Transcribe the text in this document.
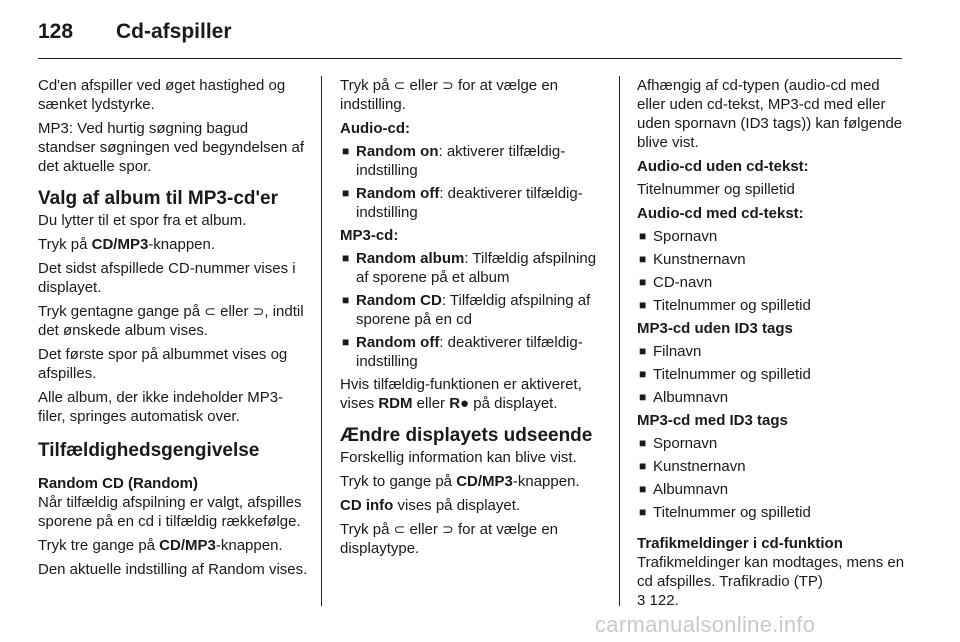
128 Cd-afspiller

Cd'en afspiller ved øget hastighed og sænket lydstyrke.

MP3: Ved hurtig søgning bagud standser søgningen ved begyndelsen af det aktuelle spor.

Valg af album til MP3-cd'er

Du lytter til et spor fra et album.

Tryk på CD/MP3-knappen.

Det sidst afspillede CD-nummer vises i displayet.

Tryk gentagne gange på ⊂ eller ⊃, indtil det ønskede album vises.

Det første spor på albummet vises og afspilles.

Alle album, der ikke indeholder MP3-filer, springes automatisk over.

Tilfældighedsgengivelse
Random CD (Random)

Når tilfældig afspilning er valgt, afspilles sporene på en cd i tilfældig rækkefølge.

Tryk tre gange på CD/MP3-knappen.

Den aktuelle indstilling af Random vises.

Tryk på ⊂ eller ⊃ for at vælge en indstilling.

Audio-cd:
■ Random on: aktiverer tilfældig-indstilling
■ Random off: deaktiverer tilfældig-indstilling
MP3-cd:
■ Random album: Tilfældig afspilning af sporene på et album
■ Random CD: Tilfældig afspilning af sporene på en cd
■ Random off: deaktiverer tilfældig-indstilling

Hvis tilfældig-funktionen er aktiveret, vises RDM eller R● på displayet.

Ændre displayets udseende

Forskellig information kan blive vist.

Tryk to gange på CD/MP3-knappen.

CD info vises på displayet.

Tryk på ⊂ eller ⊃ for at vælge en displaytype.

Afhængig af cd-typen (audio-cd med eller uden cd-tekst, MP3-cd med eller uden spornavn (ID3 tags)) kan følgende blive vist.

Audio-cd uden cd-tekst:

Titelnummer og spilletid

Audio-cd med cd-tekst:
■ Spornavn
■ Kunstnernavn
■ CD-navn
■ Titelnummer og spilletid
MP3-cd uden ID3 tags
■ Filnavn
■ Titelnummer og spilletid
■ Albumnavn
MP3-cd med ID3 tags
■ Spornavn
■ Kunstnernavn
■ Albumnavn
■ Titelnummer og spilletid
Trafikmeldinger i cd-funktion

Trafikmeldinger kan modtages, mens en cd afspilles. Trafikradio (TP)

3 122.

carmanualsonline.info
